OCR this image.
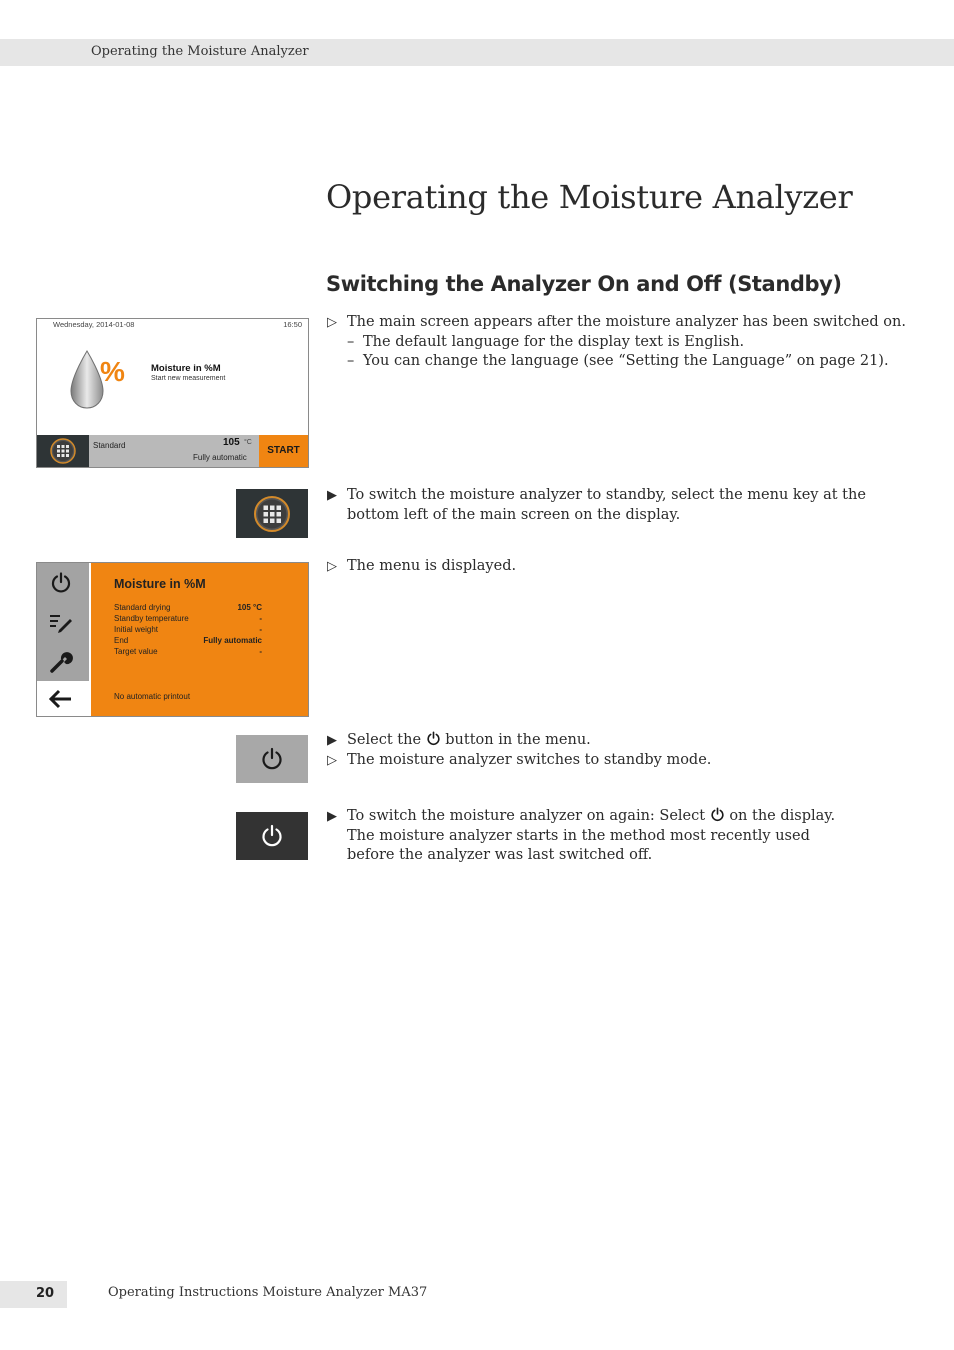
Operating the Moisture Analyzer
Operating the Moisture Analyzer
Switching the Analyzer On and Off (Standby)
Wednesday, 2014-01-08	16:50
%	Moisture in %M
Start new measurement
Standard	105 °C
Fully automatic
START
▷ The main screen appears after the moisture analyzer has been switched on.
– The default language for the display text is English.
– You can change the language (see “Setting the Language” on page 21).
▶ To switch the moisture analyzer to standby, select the menu key at the bottom left of the main screen on the display.
Moisture in %M
Standard drying	105 °C
Standby temperature	-
Initial weight	-
End	Fully automatic
Target value	-
No automatic printout
▷ The menu is displayed.
▶ Select the button in the menu.
▷ The moisture analyzer switches to standby mode.
▶ To switch the moisture analyzer on again: Select on the display.
The moisture analyzer starts in the method most recently used before the analyzer was last switched off.
20	Operating Instructions Moisture Analyzer MA37
